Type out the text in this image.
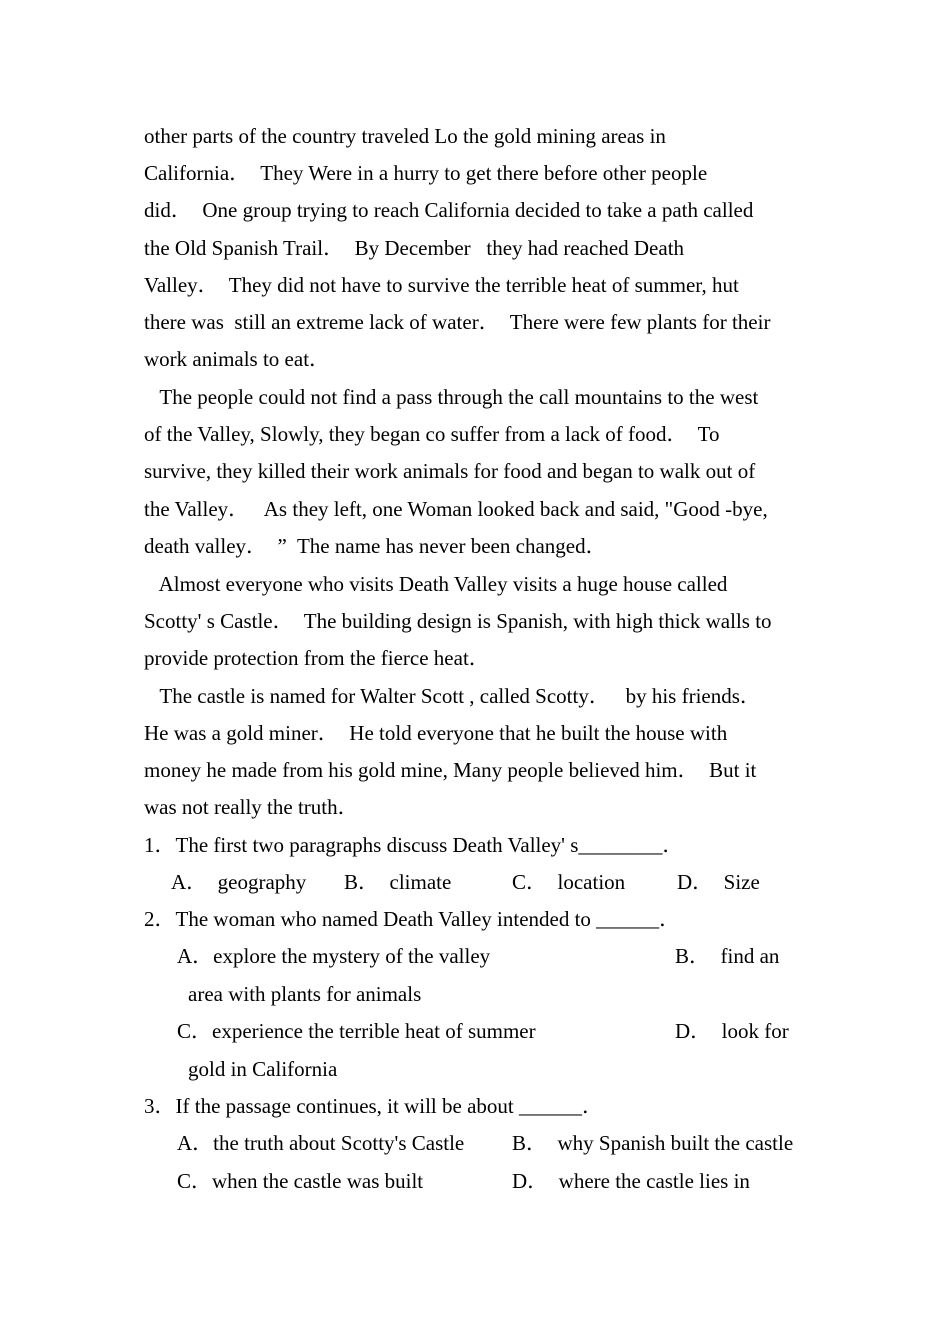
other parts of the country traveled Lo the gold mining areas in
California．  They Were in a hurry to get there before other people
did．  One group trying to reach California decided to take a path called
the Old Spanish Trail．  By December   they had reached Death
Valley．  They did not have to survive the terrible heat of summer, hut
there was  still an extreme lack of water．  There were few plants for their
work animals to eat．
The people could not find a pass through the call mountains to the west
of the Valley, Slowly, they began co suffer from a lack of food．  To
survive, they killed their work animals for food and began to walk out of
the Valley．   As they left, one Woman looked back and said, "Good -bye,
death valley．  ”  The name has never been changed．
Almost everyone who visits Death Valley visits a huge house called
Scotty' s Castle．  The building design is Spanish, with high thick walls to
provide protection from the fierce heat．
The castle is named for Walter Scott , called Scotty．   by his friends．
He was a gold miner．  He told everyone that he built the house with
money he made from his gold mine, Many people believed him．  But it
was not really the truth．
1．The first two paragraphs discuss Death Valley' s________．
A．  geography B．  climate	C．  location D．  Size
2．The woman who named Death Valley intended to ______．
A．explore the mystery of the valley	B．  find an
area with plants for animals
C．experience the terrible heat of summer	D．  look for
gold in California
3．If the passage continues, it will be about ______．
A．the truth about Scotty's Castle B．  why Spanish built the castle
C．when the castle was built	D．  where the castle lies in
